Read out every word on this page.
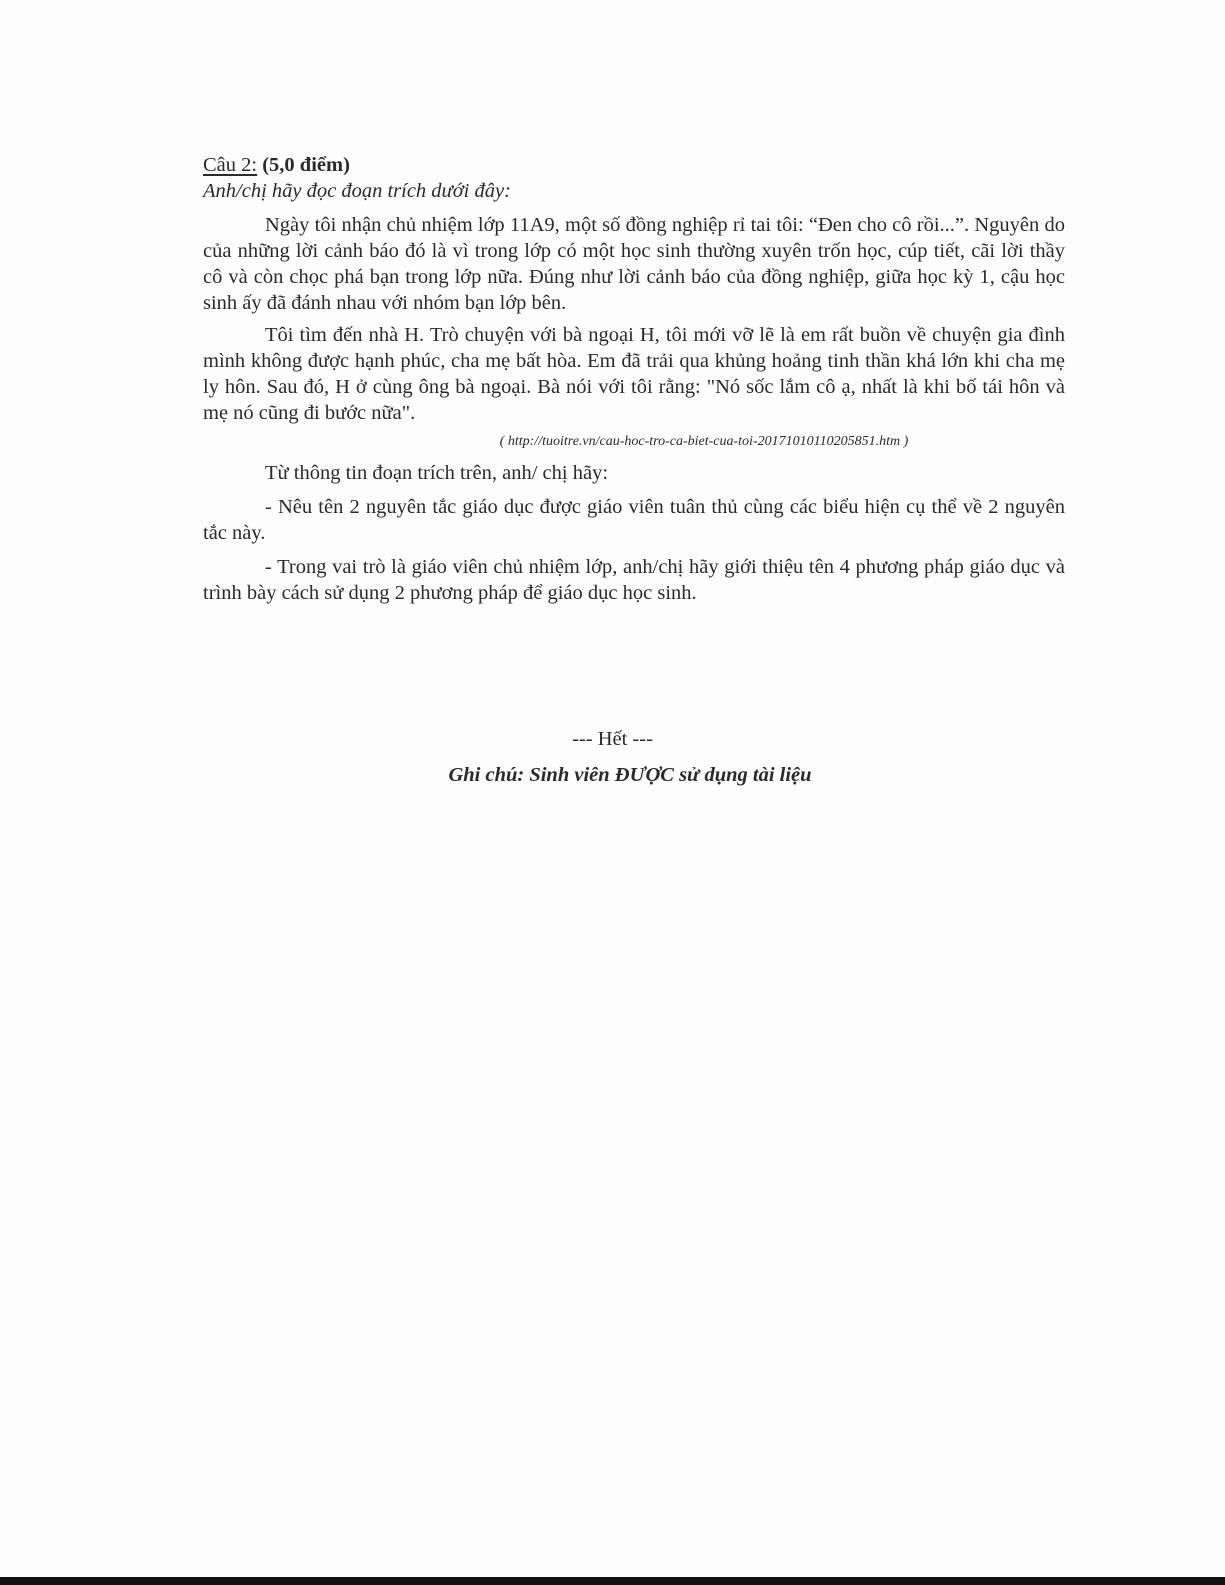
Câu 2: (5,0 điểm)

Anh/chị hãy đọc đoạn trích dưới đây:

Ngày tôi nhận chủ nhiệm lớp 11A9, một số đồng nghiệp rỉ tai tôi: “Đen cho cô rồi...”. Nguyên do của những lời cảnh báo đó là vì trong lớp có một học sinh thường xuyên trốn học, cúp tiết, cãi lời thầy cô và còn chọc phá bạn trong lớp nữa. Đúng như lời cảnh báo của đồng nghiệp, giữa học kỳ 1, cậu học sinh ấy đã đánh nhau với nhóm bạn lớp bên.

Tôi tìm đến nhà H. Trò chuyện với bà ngoại H, tôi mới vỡ lẽ là em rất buồn về chuyện gia đình mình không được hạnh phúc, cha mẹ bất hòa. Em đã trải qua khủng hoảng tinh thần khá lớn khi cha mẹ ly hôn. Sau đó, H ở cùng ông bà ngoại. Bà nói với tôi rằng: "Nó sốc lắm cô ạ, nhất là khi bố tái hôn và mẹ nó cũng đi bước nữa".

( http://tuoitre.vn/cau-hoc-tro-ca-biet-cua-toi-20171010110205851.htm )

Từ thông tin đoạn trích trên, anh/ chị hãy:

- Nêu tên 2 nguyên tắc giáo dục được giáo viên tuân thủ cùng các biểu hiện cụ thể về 2 nguyên tắc này.

- Trong vai trò là giáo viên chủ nhiệm lớp, anh/chị hãy giới thiệu tên 4 phương pháp giáo dục và trình bày cách sử dụng 2 phương pháp để giáo dục học sinh.

--- Hết ---
Ghi chú: Sinh viên ĐƯỢC sử dụng tài liệu
